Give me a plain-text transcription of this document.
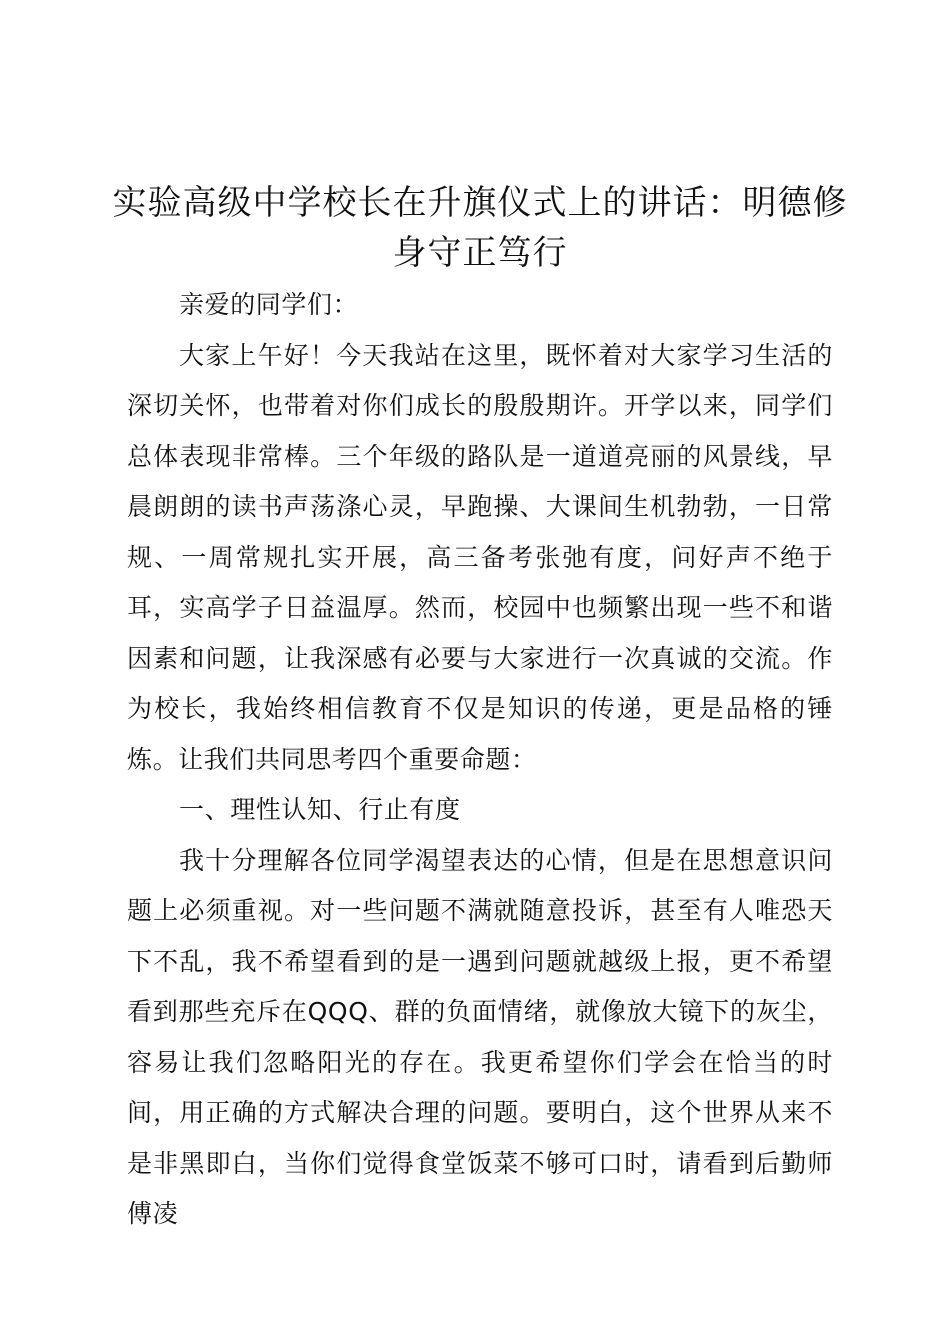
实验高级中学校长在升旗仪式上的讲话：明德修身守正笃行

亲爱的同学们：

大家上午好！今天我站在这里，既怀着对大家学习生活的深切关怀，也带着对你们成长的殷殷期许。开学以来，同学们总体表现非常棒。三个年级的路队是一道道亮丽的风景线，早晨朗朗的读书声荡涤心灵，早跑操、大课间生机勃勃，一日常规、一周常规扎实开展，高三备考张弛有度，问好声不绝于耳，实高学子日益温厚。然而，校园中也频繁出现一些不和谐因素和问题，让我深感有必要与大家进行一次真诚的交流。作为校长，我始终相信教育不仅是知识的传递，更是品格的锤炼。让我们共同思考四个重要命题：

一、理性认知、行止有度

我十分理解各位同学渴望表达的心情，但是在思想意识问题上必须重视。对一些问题不满就随意投诉，甚至有人唯恐天下不乱，我不希望看到的是一遇到问题就越级上报，更不希望看到那些充斥在QQQ、群的负面情绪，就像放大镜下的灰尘，容易让我们忽略阳光的存在。我更希望你们学会在恰当的时间，用正确的方式解决合理的问题。要明白，这个世界从来不是非黑即白，当你们觉得食堂饭菜不够可口时，请看到后勤师傅凌
